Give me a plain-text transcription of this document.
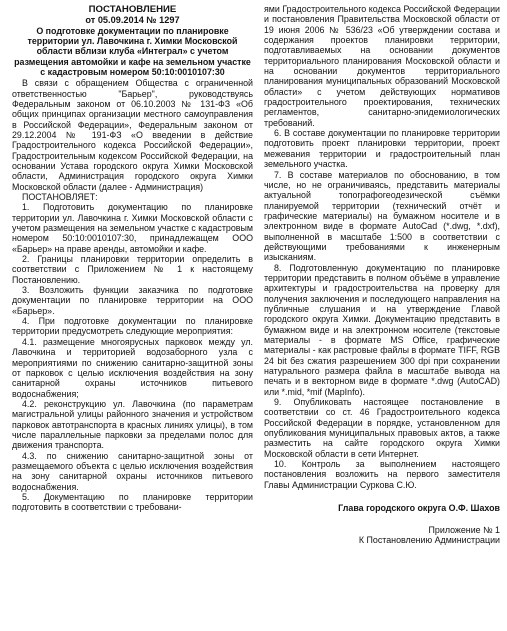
ПОСТАНОВЛЕНИЕ

от 05.09.2014 № 1297

О подготовке документации по планировке территории ул. Лавочкина г. Химки Московской области вблизи клуба «Интеграл» с учетом размещения автомойки и кафе на земельном участке с кадастровым номером 50:10:0010107:30

В связи с обращением Общества с ограниченной ответственностью "Барьер", руководствуясь Федеральным законом от 06.10.2003 № 131-ФЗ «Об общих принципах организации местного самоуправления в Российской Федерации», Федеральным законом от 29.12.2004 № 191-ФЗ «О введении в действие Градостроительного кодекса Российской Федерации», Градостроительным кодексом Российской Федерации, на основании Устава городского округа Химки Московской области, Администрация городского округа Химки Московской области (далее - Администрация)

ПОСТАНОВЛЯЕТ:

1. Подготовить документацию по планировке территории ул. Лавочкина г. Химки Московской области с учетом размещения на земельном участке с кадастровым номером 50:10:0010107:30, принадлежащем ООО «Барьер» на праве аренды, автомойки и кафе.

2. Границы планировки территории определить в соответствии с Приложением № 1 к настоящему Постановлению.

3. Возложить функции заказчика по подготовке документации по планировке территории на ООО «Барьер».

4. При подготовке документации по планировке территории предусмотреть следующие мероприятия:

4.1. размещение многоярусных парковок между ул. Лавочкина и территорией водозаборного узла с мероприятиями по снижению санитарно-защитной зоны от парковок с целью исключения воздействия на зону санитарной охраны источников питьевого водоснабжения;

4.2. реконструкцию ул. Лавочкина (по параметрам магистральной улицы районного значения и устройством парковок автотранспорта в красных линиях улицы), в том числе параллельные парковки за пределами полос для движения транспорта.

4.3. по снижению санитарно-защитной зоны от размещаемого объекта с целью исключения воздействия на зону санитарной охраны источников питьевого водоснабжения.

5. Документацию по планировке территории подготовить в соответствии с требовани-

ями Градостроительного кодекса Российской Федерации и постановления Правительства Московской области от 19 июня 2006 № 536/23 «Об утверждении состава и содержания проектов планировки территории, подготавливаемых на основании документов территориального планирования Московской области и на основании документов территориального планирования муниципальных образований Московской области» с учетом действующих нормативов градостроительного проектирования, технических регламентов, санитарно-эпидемиологических требований.

6. В составе документации по планировке территории подготовить проект планировки территории, проект межевания территории и градостроительный план земельного участка.

7. В составе материалов по обоснованию, в том числе, но не ограничиваясь, представить материалы актуальной топографогеодезической съёмки планируемой территории (технический отчёт и графические материалы) на бумажном носителе и в электронном виде в формате AutoCad (*.dwg, *.dxf), выполненной в масштабе 1:500 в соответствии с действующими требованиями к инженерным изысканиям.

8. Подготовленную документацию по планировке территории представить в полном объёме в управление архитектуры и градостроительства на проверку для получения заключения и последующего направления на публичные слушания и на утверждение Главой городского округа Химки. Документацию представить в бумажном виде и на электронном носителе (текстовые материалы - в формате MS Office, графические материалы - как растровые файлы в формате TIFF, RGB 24 bit без сжатия разрешением 300 dpi при сохранении натурального размера файла в масштабе вывода на печать и в векторном виде в формате *.dwg (AutoCAD) или *.mid, *mif (MapInfo).

9. Опубликовать настоящее постановление в соответствии со ст. 46 Градостроительного кодекса Российской Федерации в порядке, установленном для опубликования муниципальных правовых актов, а также разместить на сайте городского округа Химки Московской области в сети Интернет.

10. Контроль за выполнением настоящего постановления возложить на первого заместителя Главы Администрации Суркова С.Ю.

Глава городского округа О.Ф. Шахов

Приложение № 1

К Постановлению Администрации
